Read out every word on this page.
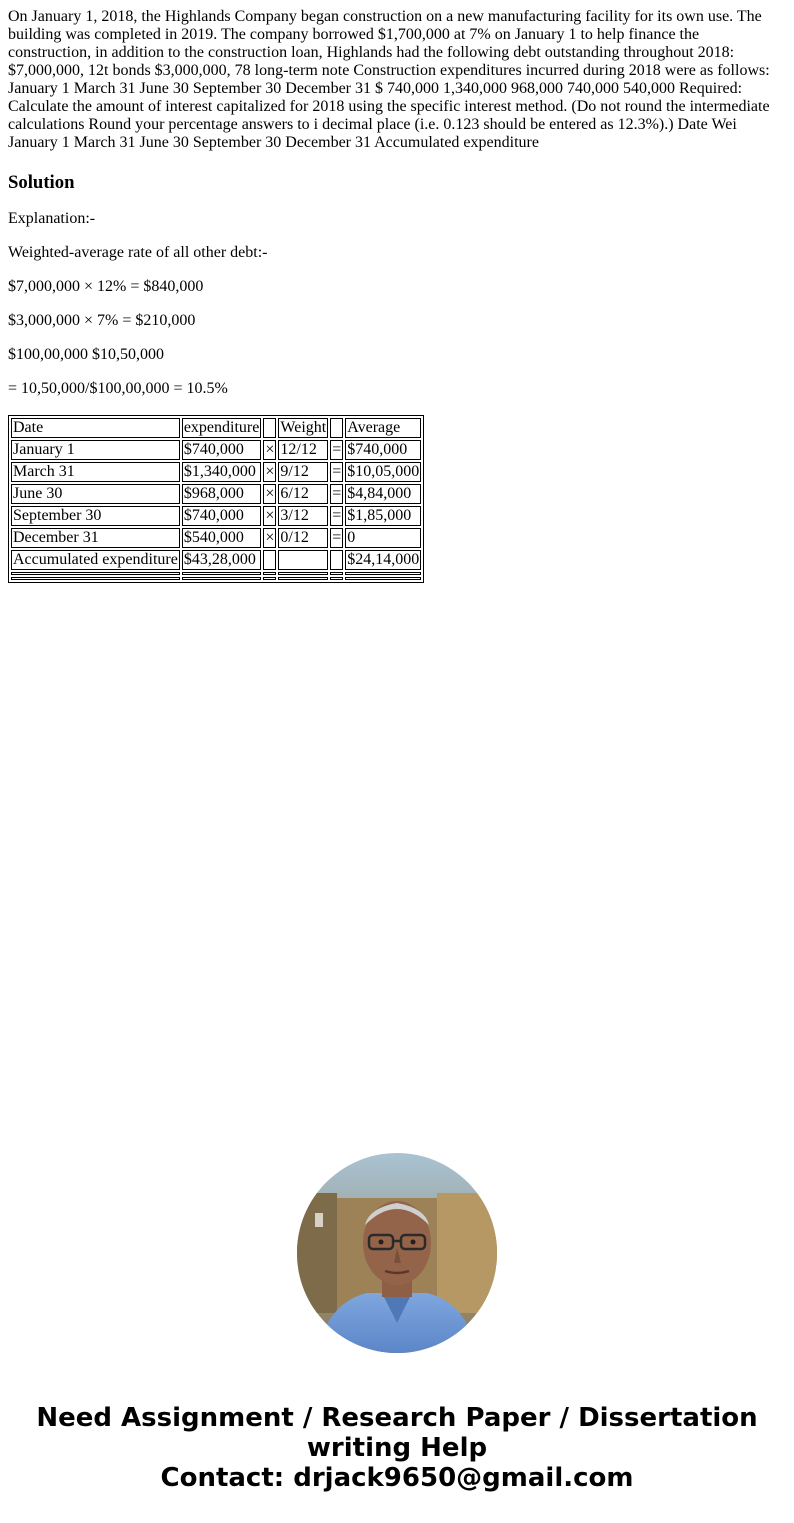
On January 1, 2018, the Highlands Company began construction on a new manufacturing facility for its own use. The building was completed in 2019. The company borrowed $1,700,000 at 7% on January 1 to help finance the construction, in addition to the construction loan, Highlands had the following debt outstanding throughout 2018: $7,000,000, 12t bonds $3,000,000, 78 long-term note Construction expenditures incurred during 2018 were as follows: January 1 March 31 June 30 September 30 December 31 $ 740,000 1,340,000 968,000 740,000 540,000 Required: Calculate the amount of interest capitalized for 2018 using the specific interest method. (Do not round the intermediate calculations Round your percentage answers to i decimal place (i.e. 0.123 should be entered as 12.3%).) Date Wei January 1 March 31 June 30 September 30 December 31 Accumulated expenditure

Solution

Explanation:-

Weighted-average rate of all other debt:-

$7,000,000 × 12% = $840,000

$3,000,000 × 7% = $210,000

$100,00,000 $10,50,000

= 10,50,000/$100,00,000 = 10.5%

Date	expenditure		Weight		Average
January 1	$740,000	×	12/12	=	$740,000
March 31	$1,340,000	×	9/12	=	$10,05,000
June 30	$968,000	×	6/12	=	$4,84,000
September 30	$740,000	×	3/12	=	$1,85,000
December 31	$540,000	×	0/12	=	0
Accumulated expenditure	$43,28,000				$24,14,000

Need Assignment / Research Paper / Dissertation
writing Help
Contact: drjack9650@gmail.com
